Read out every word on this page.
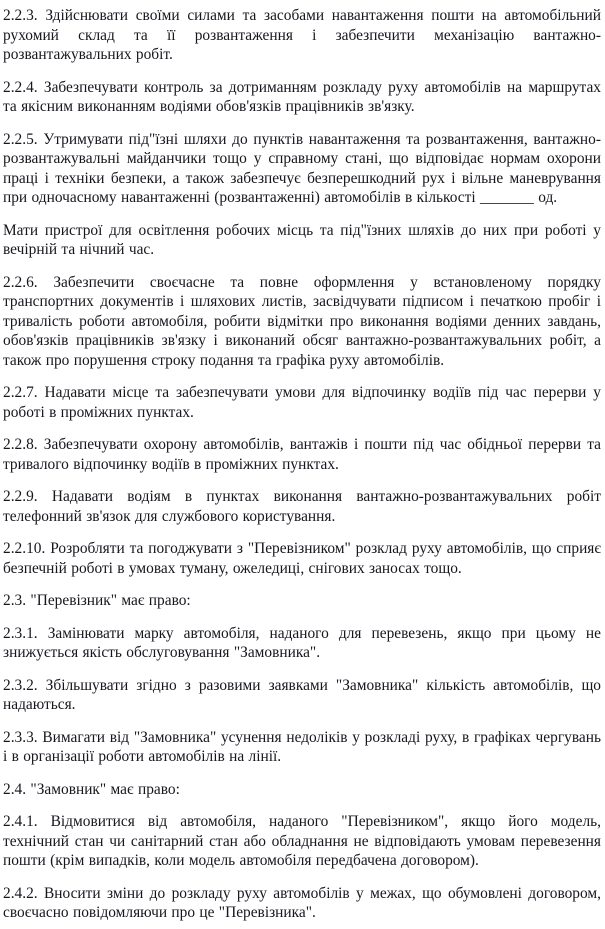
2.2.3. Здійснювати своїми силами та засобами навантаження пошти на автомобільний рухомий склад та її розвантаження і забезпечити механізацію вантажно-розвантажувальних робіт.

2.2.4. Забезпечувати контроль за дотриманням розкладу руху автомобілів на маршрутах та якісним виконанням водіями обов'язків працівників зв'язку.

2.2.5. Утримувати під"їзні шляхи до пунктів навантаження та розвантаження, вантажно-розвантажувальні майданчики тощо у справному стані, що відповідає нормам охорони праці і техніки безпеки, а також забезпечує безперешкодний рух і вільне маневрування при одночасному навантаженні (розвантаженні) автомобілів в кількості _______ од.

Мати пристрої для освітлення робочих місць та під"їзних шляхів до них при роботі у вечірній та нічний час.

2.2.6. Забезпечити своєчасне та повне оформлення у встановленому порядку транспортних документів і шляхових листів, засвідчувати підписом і печаткою пробіг і тривалість роботи автомобіля, робити відмітки про виконання водіями денних завдань, обов'язків працівників зв'язку і виконаний обсяг вантажно-розвантажувальних робіт, а також про порушення строку подання та графіка руху автомобілів.

2.2.7. Надавати місце та забезпечувати умови для відпочинку водіїв під час перерви у роботі в проміжних пунктах.

2.2.8. Забезпечувати охорону автомобілів, вантажів і пошти під час обідньої перерви та тривалого відпочинку водіїв в проміжних пунктах.

2.2.9. Надавати водіям в пунктах виконання вантажно-розвантажувальних робіт телефонний зв'язок для службового користування.

2.2.10. Розробляти та погоджувати з "Перевізником" розклад руху автомобілів, що сприяє безпечній роботі в умовах туману, ожеледиці, снігових заносах тощо.

2.3. "Перевізник" має право:

2.3.1. Замінювати марку автомобіля, наданого для перевезень, якщо при цьому не знижується якість обслуговування "Замовника".

2.3.2. Збільшувати згідно з разовими заявками "Замовника" кількість автомобілів, що надаються.

2.3.3. Вимагати від "Замовника" усунення недоліків у розкладі руху, в графіках чергувань і в організації роботи автомобілів на лінії.

2.4. "Замовник" має право:

2.4.1. Відмовитися від автомобіля, наданого "Перевізником", якщо його модель, технічний стан чи санітарний стан або обладнання не відповідають умовам перевезення пошти (крім випадків, коли модель автомобіля передбачена договором).

2.4.2. Вносити зміни до розкладу руху автомобілів у межах, що обумовлені договором, своєчасно повідомляючи про це "Перевізника".
